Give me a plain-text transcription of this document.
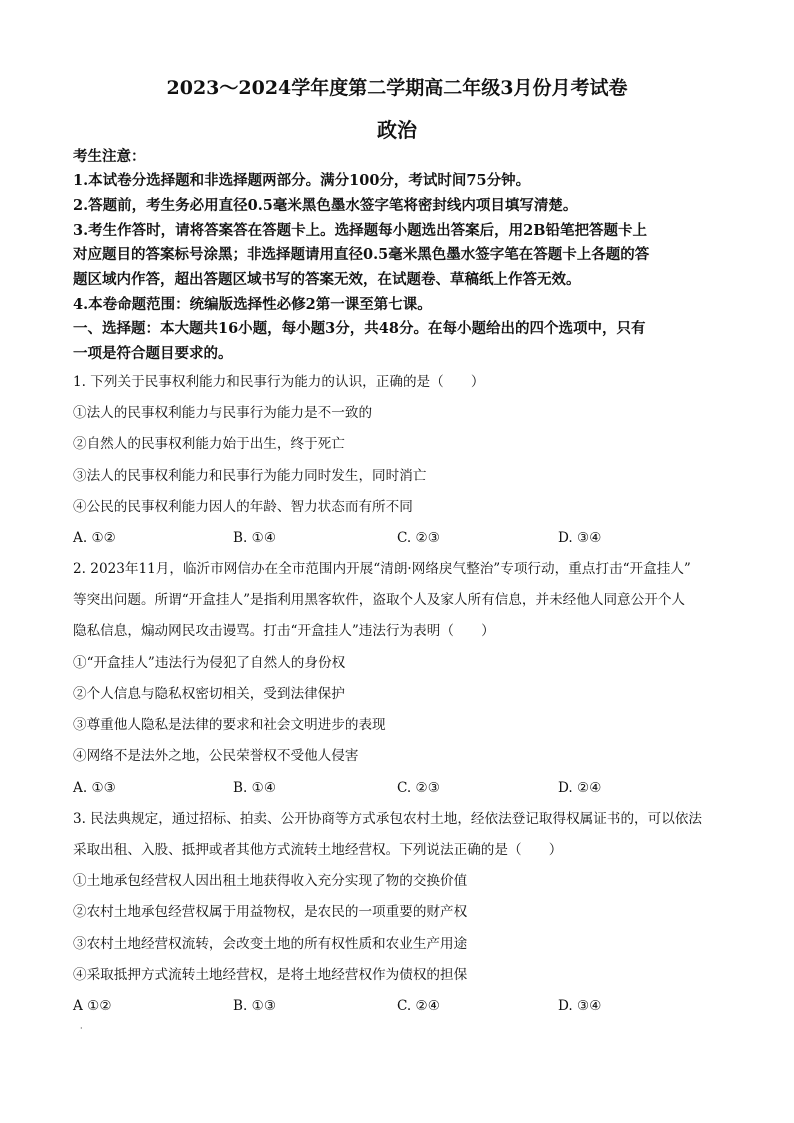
2023～2024学年度第二学期高二年级3月份月考试卷
政治
考生注意：
1.本试卷分选择题和非选择题两部分。满分100分，考试时间75分钟。
2.答题前，考生务必用直径0.5毫米黑色墨水签字笔将密封线内项目填写清楚。
3.考生作答时，请将答案答在答题卡上。选择题每小题选出答案后，用2B铅笔把答题卡上
对应题目的答案标号涂黑；非选择题请用直径0.5毫米黑色墨水签字笔在答题卡上各题的答
题区域内作答，超出答题区域书写的答案无效，在试题卷、草稿纸上作答无效。
4.本卷命题范围：统编版选择性必修2第一课至第七课。
一、选择题：本大题共16小题，每小题3分，共48分。在每小题给出的四个选项中，只有
一项是符合题目要求的。
1. 下列关于民事权利能力和民事行为能力的认识，正确的是（　　）
①法人的民事权利能力与民事行为能力是不一致的
②自然人的民事权利能力始于出生，终于死亡
③法人的民事权利能力和民事行为能力同时发生，同时消亡
④公民的民事权利能力因人的年龄、智力状态而有所不同
A. ①②	B. ①④	C. ②③	D. ③④
2. 2023年11月，临沂市网信办在全市范围内开展“清朗·网络戾气整治”专项行动，重点打击“开盒挂人”
等突出问题。所谓“开盒挂人”是指利用黑客软件，盗取个人及家人所有信息，并未经他人同意公开个人
隐私信息，煽动网民攻击谩骂。打击“开盒挂人”违法行为表明（　　）
①“开盒挂人”违法行为侵犯了自然人的身份权
②个人信息与隐私权密切相关，受到法律保护
③尊重他人隐私是法律的要求和社会文明进步的表现
④网络不是法外之地，公民荣誉权不受他人侵害
A. ①③	B. ①④	C. ②③	D. ②④
3. 民法典规定，通过招标、拍卖、公开协商等方式承包农村土地，经依法登记取得权属证书的，可以依法
采取出租、入股、抵押或者其他方式流转土地经营权。下列说法正确的是（　　）
①土地承包经营权人因出租土地获得收入充分实现了物的交换价值
②农村土地承包经营权属于用益物权，是农民的一项重要的财产权
③农村土地经营权流转，会改变土地的所有权性质和农业生产用途
④采取抵押方式流转土地经营权，是将土地经营权作为债权的担保
A ①②	B. ①③	C. ②④	D. ③④
·
